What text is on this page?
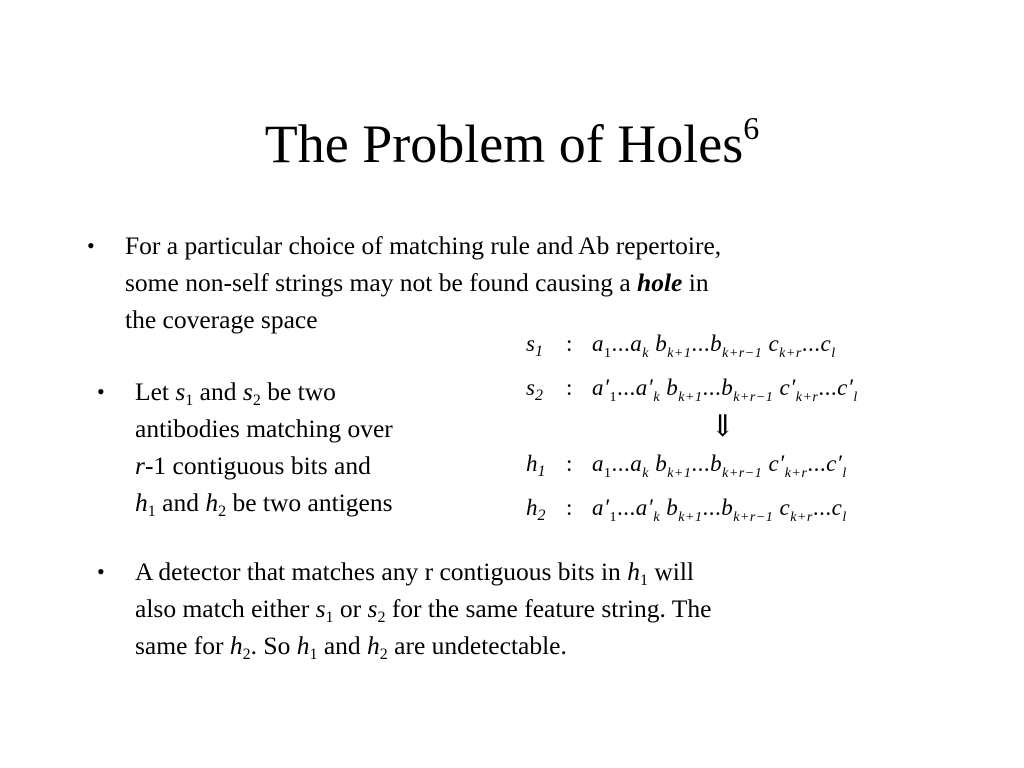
The Problem of Holes$^6$
• For a particular choice of matching rule and Ab repertoire,
some non-self strings may not be found causing a hole in
the coverage space
• Let $s_1$ and $s_2$ be two
antibodies matching over
r-1 contiguous bits and
$h_1$ and $h_2$ be two antigens
$s_1$ : $a_1...a_k$ $b_{k+1}...b_{k+r-1}$ $c_{k+r}...c_l$
$s_2$ : $a'_1...a'_k$ $b_{k+1}...b_{k+r-1}$ $c'_{k+r}...c'_l$
⇓
$h_1$ : $a_1...a_k$ $b_{k+1}...b_{k+r-1}$ $c'_{k+r}...c'_l$
$h_2$ : $a'_1...a'_k$ $b_{k+1}...b_{k+r-1}$ $c_{k+r}...c_l$
• A detector that matches any r contiguous bits in $h_1$ will
also match either $s_1$ or $s_2$ for the same feature string. The
same for $h_2$. So $h_1$ and $h_2$ are undetectable.
